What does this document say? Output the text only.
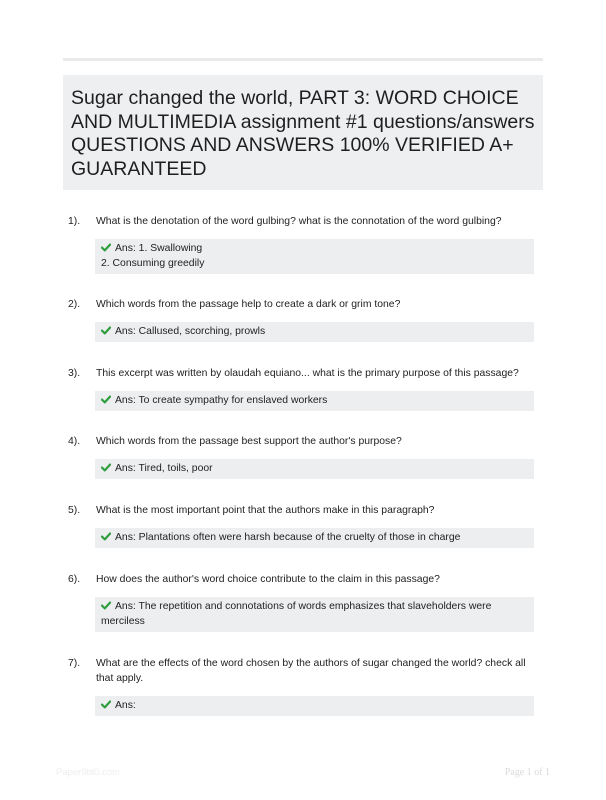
Sugar changed the world, PART 3: WORD CHOICE AND MULTIMEDIA assignment #1 questions/answers QUESTIONS AND ANSWERS 100% VERIFIED A+ GUARANTEED
1).	What is the denotation of the word gulbing? what is the connotation of the word gulbing?
Ans: 1. Swallowing
2. Consuming greedily
2).	Which words from the passage help to create a dark or grim tone?
Ans: Callused, scorching, prowls
3).	This excerpt was written by olaudah equiano... what is the primary purpose of this passage?
Ans: To create sympathy for enslaved workers
4).	Which words from the passage best support the author's purpose?
Ans: Tired, toils, poor
5).	What is the most important point that the authors make in this paragraph?
Ans: Plantations often were harsh because of the cruelty of those in charge
6).	How does the author's word choice contribute to the claim in this passage?
Ans: The repetition and connotations of words emphasizes that slaveholders were merciless
7).	What are the effects of the word chosen by the authors of sugar changed the world? check all that apply.
Ans:
Paper9bl0.com	Page 1 of 1
